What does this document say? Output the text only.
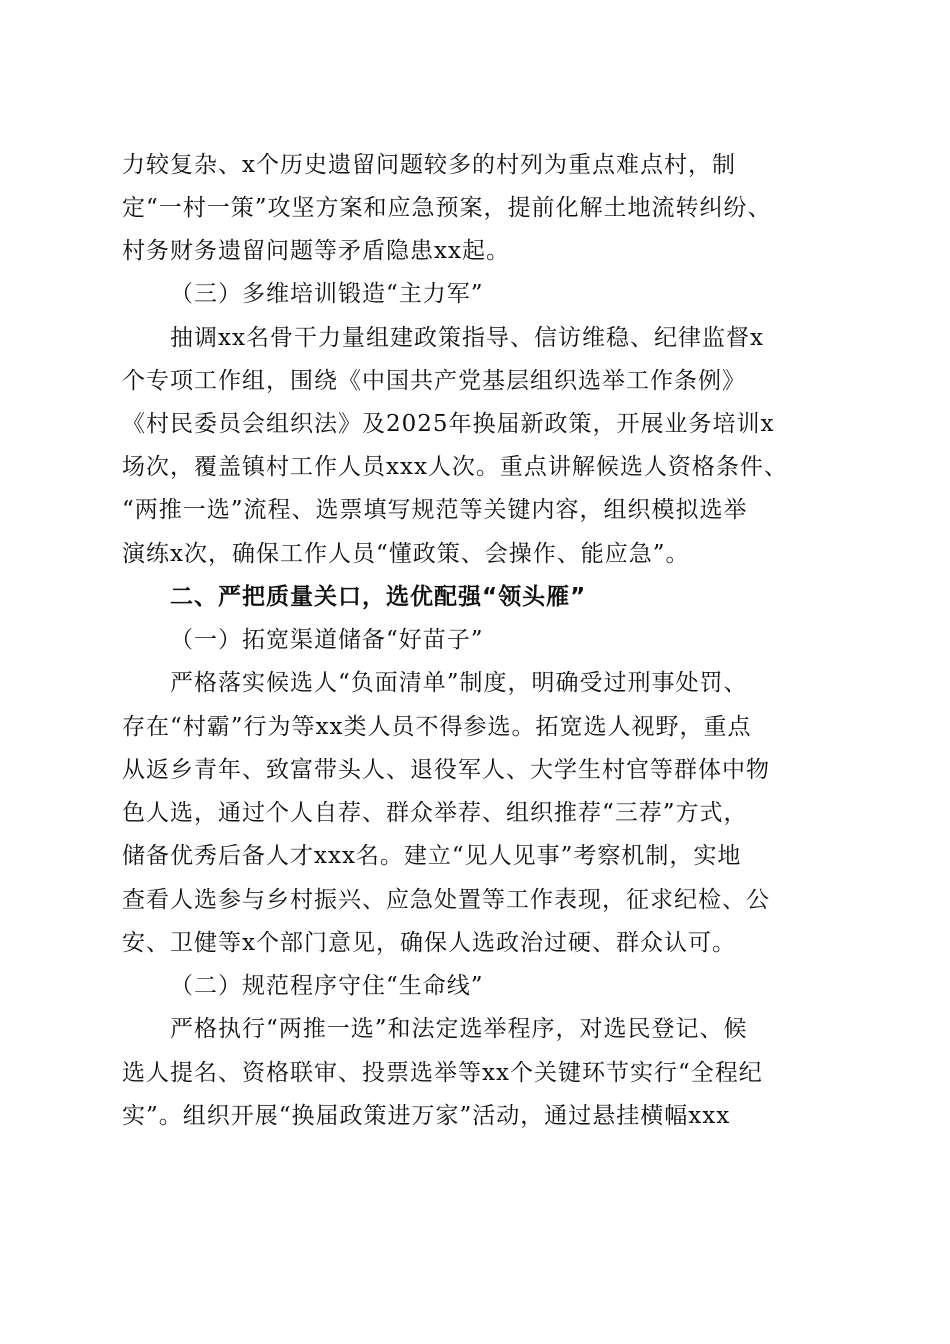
力较复杂、x个历史遗留问题较多的村列为重点难点村，制
定“一村一策”攻坚方案和应急预案，提前化解土地流转纠纷、
村务财务遗留问题等矛盾隐患xx起。
（三）多维培训锻造“主力军”
抽调xx名骨干力量组建政策指导、信访维稳、纪律监督x
个专项工作组，围绕《中国共产党基层组织选举工作条例》
《村民委员会组织法》及2025年换届新政策，开展业务培训x
场次，覆盖镇村工作人员xxx人次。重点讲解候选人资格条件、
“两推一选”流程、选票填写规范等关键内容，组织模拟选举
演练x次，确保工作人员“懂政策、会操作、能应急”。
二、严把质量关口，选优配强“领头雁”
（一）拓宽渠道储备“好苗子”
严格落实候选人“负面清单”制度，明确受过刑事处罚、
存在“村霸”行为等xx类人员不得参选。拓宽选人视野，重点
从返乡青年、致富带头人、退役军人、大学生村官等群体中物
色人选，通过个人自荐、群众举荐、组织推荐“三荐”方式，
储备优秀后备人才xxx名。建立“见人见事”考察机制，实地
查看人选参与乡村振兴、应急处置等工作表现，征求纪检、公
安、卫健等x个部门意见，确保人选政治过硬、群众认可。
（二）规范程序守住“生命线”
严格执行“两推一选”和法定选举程序，对选民登记、候
选人提名、资格联审、投票选举等xx个关键环节实行“全程纪
实”。组织开展“换届政策进万家”活动，通过悬挂横幅xxx
